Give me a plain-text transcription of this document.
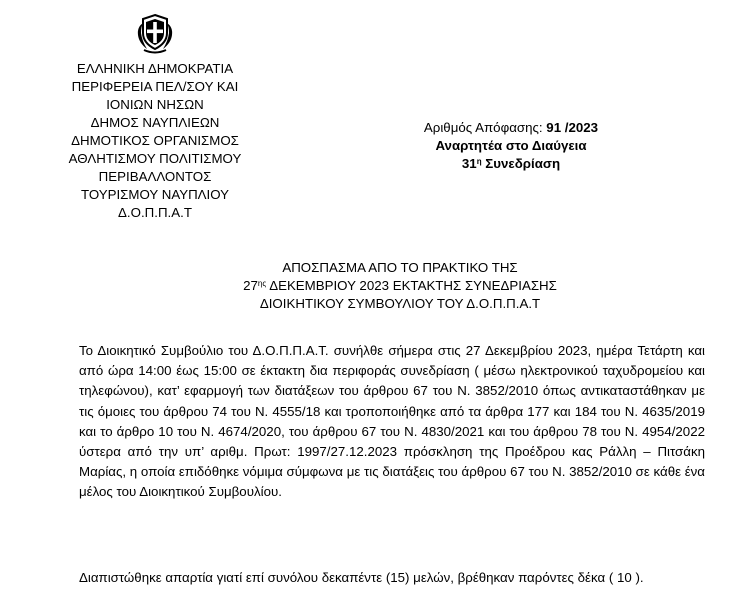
ΕΛΛΗΝΙΚΗ ΔΗΜΟΚΡΑΤΙΑ
ΠΕΡΙΦΕΡΕΙΑ ΠΕΛ/ΣΟΥ ΚΑΙ
ΙΟΝΙΩΝ ΝΗΣΩΝ
ΔΗΜΟΣ ΝΑΥΠΛΙΕΩΝ
ΔΗΜΟΤΙΚΟΣ ΟΡΓΑΝΙΣΜΟΣ
ΑΘΛΗΤΙΣΜΟΥ ΠΟΛΙΤΙΣΜΟΥ
ΠΕΡΙΒΑΛΛΟΝΤΟΣ
ΤΟΥΡΙΣΜΟΥ ΝΑΥΠΛΙΟΥ
Δ.Ο.Π.Π.Α.Τ
Αριθμός Απόφασης: 91 /2023
Αναρτητέα στο Διαύγεια
$31^\eta$ Συνεδρίαση
ΑΠΟΣΠΑΣΜΑ ΑΠΟ ΤΟ ΠΡΑΚΤΙΚΟ ΤΗΣ
$27^{\eta\varsigma}$ ΔΕΚΕΜΒΡΙΟΥ 2023 ΕΚΤΑΚΤΗΣ ΣΥΝΕΔΡΙΑΣΗΣ
ΔΙΟΙΚΗΤΙΚΟΥ ΣΥΜΒΟΥΛΙΟΥ ΤΟΥ Δ.Ο.Π.Π.Α.Τ
Το Διοικητικό Συμβούλιο του Δ.Ο.Π.Π.Α.Τ. συνήλθε σήμερα στις 27 Δεκεμβρίου 2023, ημέρα Τετάρτη και από ώρα 14:00 έως 15:00 σε έκτακτη δια περιφοράς συνεδρίαση ( μέσω ηλεκτρονικού ταχυδρομείου και τηλεφώνου), κατ’ εφαρμογή των διατάξεων του άρθρου 67 του Ν. 3852/2010 όπως αντικαταστάθηκαν με τις όμοιες του άρθρου 74 του Ν. 4555/18 και τροποποιήθηκε από τα άρθρα 177 και 184 του Ν. 4635/2019 και το άρθρο 10 του Ν. 4674/2020, του άρθρου 67 του Ν. 4830/2021 και του άρθρου 78 του Ν. 4954/2022 ύστερα από την υπ’ αριθμ. Πρωτ: 1997/27.12.2023 πρόσκληση της Προέδρου κας Ράλλη – Πιτσάκη Μαρίας, η οποία επιδόθηκε νόμιμα σύμφωνα με τις διατάξεις του άρθρου 67 του Ν. 3852/2010 σε κάθε ένα μέλος του Διοικητικού Συμβουλίου.
Διαπιστώθηκε απαρτία γιατί επί συνόλου δεκαπέντε (15) μελών, βρέθηκαν παρόντες δέκα ( 10 ).
